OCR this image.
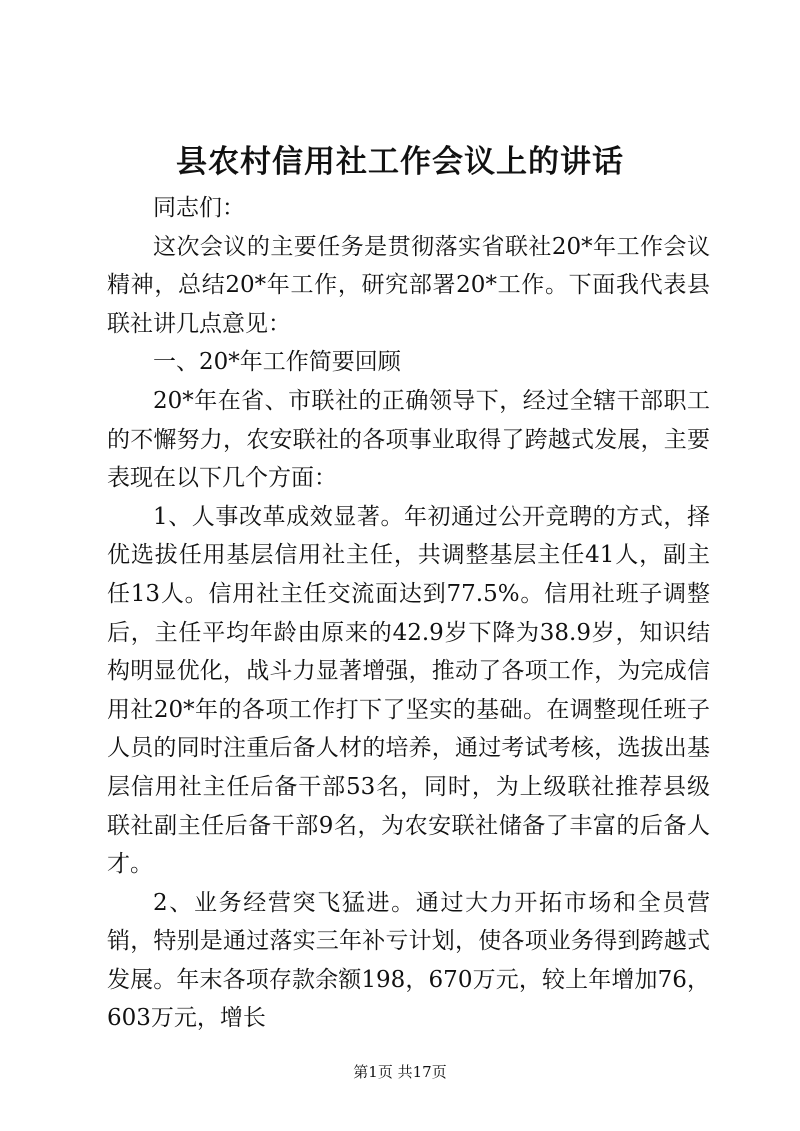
县农村信用社工作会议上的讲话

同志们：

这次会议的主要任务是贯彻落实省联社20*年工作会议精神，总结20*年工作，研究部署20*工作。下面我代表县联社讲几点意见：

一、20*年工作简要回顾

20*年在省、市联社的正确领导下，经过全辖干部职工的不懈努力，农安联社的各项事业取得了跨越式发展，主要表现在以下几个方面：

1、人事改革成效显著。年初通过公开竞聘的方式，择优选拔任用基层信用社主任，共调整基层主任41人，副主任13人。信用社主任交流面达到77.5%。信用社班子调整后，主任平均年龄由原来的42.9岁下降为38.9岁，知识结构明显优化，战斗力显著增强，推动了各项工作，为完成信用社20*年的各项工作打下了坚实的基础。在调整现任班子人员的同时注重后备人材的培养，通过考试考核，选拔出基层信用社主任后备干部53名，同时，为上级联社推荐县级联社副主任后备干部9名，为农安联社储备了丰富的后备人才。

2、业务经营突飞猛进。通过大力开拓市场和全员营销，特别是通过落实三年补亏计划，使各项业务得到跨越式发展。年末各项存款余额198，670万元，较上年增加76，603万元，增长

第1页 共17页
